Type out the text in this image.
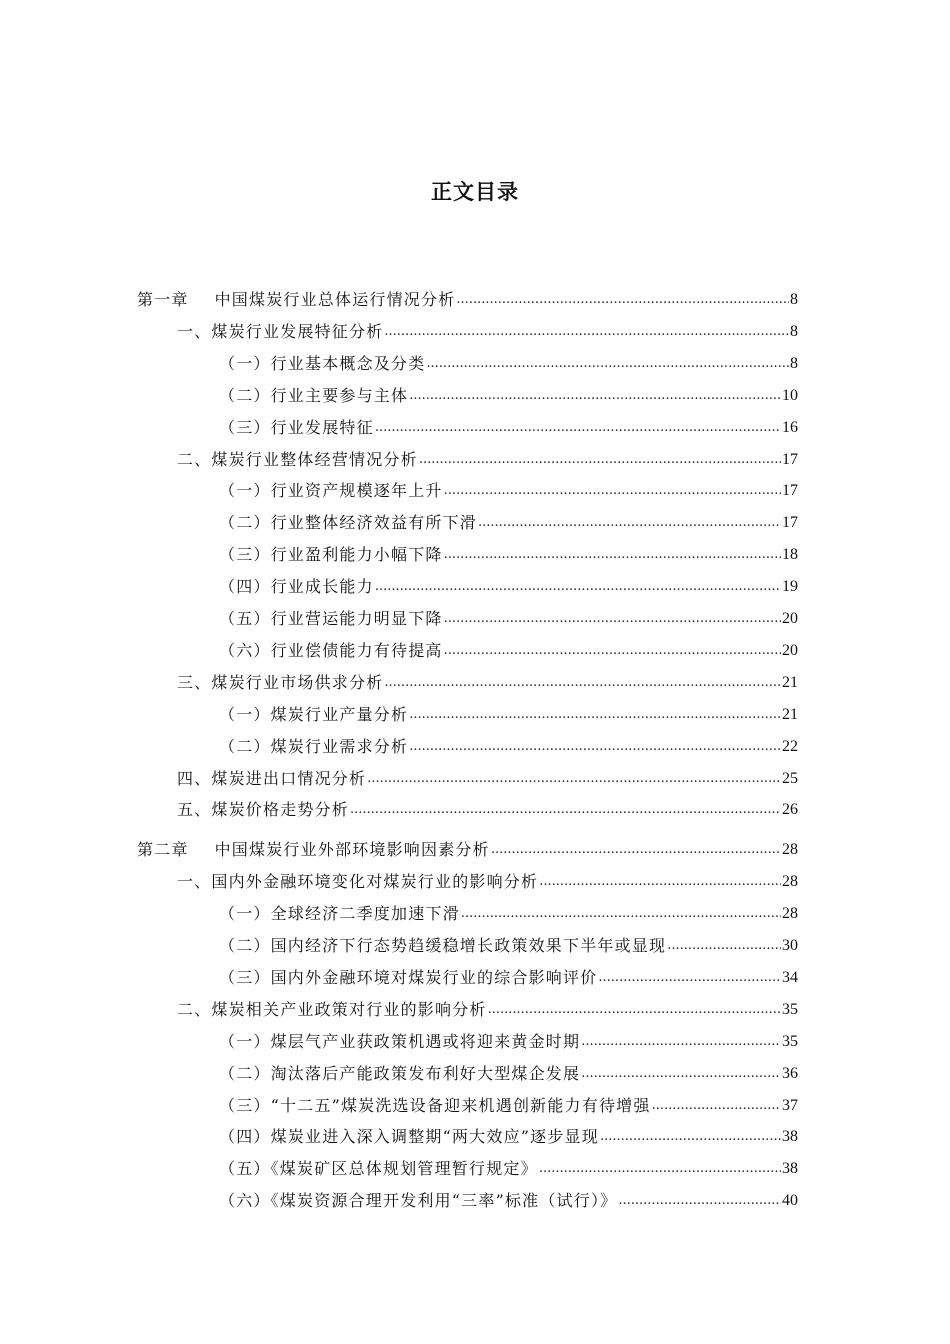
正文目录
第一章 中国煤炭行业总体运行情况分析 .....	8
一、煤炭行业发展特征分析 .....	8
（一）行业基本概念及分类 .....	8
（二）行业主要参与主体 .....	10
（三）行业发展特征 .....	16
二、煤炭行业整体经营情况分析 .....	17
（一）行业资产规模逐年上升 .....	17
（二）行业整体经济效益有所下滑 .....	17
（三）行业盈利能力小幅下降 .....	18
（四）行业成长能力 .....	19
（五）行业营运能力明显下降 .....	20
（六）行业偿债能力有待提高 .....	20
三、煤炭行业市场供求分析 .....	21
（一）煤炭行业产量分析 .....	21
（二）煤炭行业需求分析 .....	22
四、煤炭进出口情况分析 .....	25
五、煤炭价格走势分析 .....	26
第二章 中国煤炭行业外部环境影响因素分析 .....	28
一、国内外金融环境变化对煤炭行业的影响分析 .....	28
（一）全球经济二季度加速下滑 .....	28
（二）国内经济下行态势趋缓稳增长政策效果下半年或显现 .....	30
（三）国内外金融环境对煤炭行业的综合影响评价 .....	34
二、煤炭相关产业政策对行业的影响分析 .....	35
（一）煤层气产业获政策机遇或将迎来黄金时期 .....	35
（二）淘汰落后产能政策发布利好大型煤企发展 .....	36
（三）“十二五”煤炭洗选设备迎来机遇创新能力有待增强 .....	37
（四）煤炭业进入深入调整期“两大效应”逐步显现 .....	38
（五）《煤炭矿区总体规划管理暂行规定》 .....	38
（六）《煤炭资源合理开发利用“三率”标准（试行）》 .....	40
